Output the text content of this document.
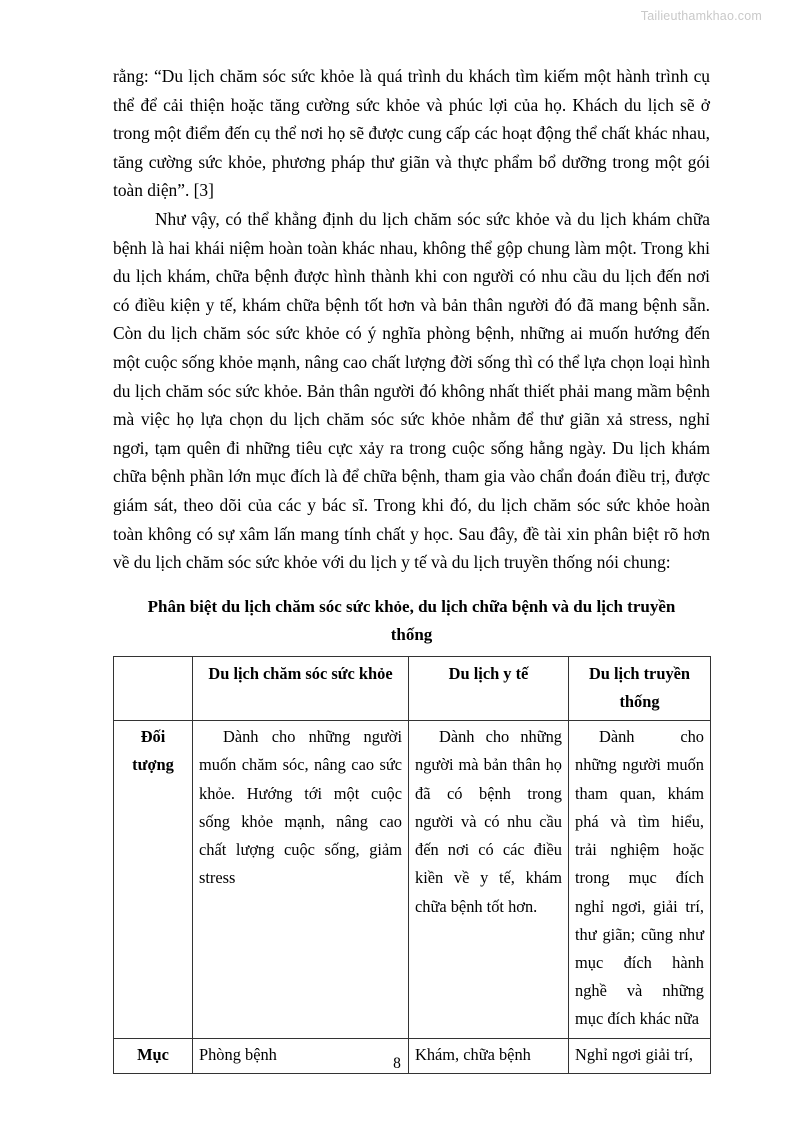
Tailieuthamkhao.com

rằng: “Du lịch chăm sóc sức khỏe là quá trình du khách tìm kiếm một hành trình cụ thể để cải thiện hoặc tăng cường sức khỏe và phúc lợi của họ. Khách du lịch sẽ ở trong một điểm đến cụ thể nơi họ sẽ được cung cấp các hoạt động thể chất khác nhau, tăng cường sức khỏe, phương pháp thư giãn và thực phẩm bổ dưỡng trong một gói toàn diện”. [3]

Như vậy, có thể khẳng định du lịch chăm sóc sức khỏe và du lịch khám chữa bệnh là hai khái niệm hoàn toàn khác nhau, không thể gộp chung làm một. Trong khi du lịch khám, chữa bệnh được hình thành khi con người có nhu cầu du lịch đến nơi có điều kiện y tế, khám chữa bệnh tốt hơn và bản thân người đó đã mang bệnh sẵn. Còn du lịch chăm sóc sức khỏe có ý nghĩa phòng bệnh, những ai muốn hướng đến một cuộc sống khỏe mạnh, nâng cao chất lượng đời sống thì có thể lựa chọn loại hình du lịch chăm sóc sức khỏe. Bản thân người đó không nhất thiết phải mang mầm bệnh mà việc họ lựa chọn du lịch chăm sóc sức khỏe nhằm để thư giãn xả stress, nghỉ ngơi, tạm quên đi những tiêu cực xảy ra trong cuộc sống hằng ngày. Du lịch khám chữa bệnh phần lớn mục đích là để chữa bệnh, tham gia vào chẩn đoán điều trị, được giám sát, theo dõi của các y bác sĩ. Trong khi đó, du lịch chăm sóc sức khỏe hoàn toàn không có sự xâm lấn mang tính chất y học. Sau đây, đề tài xin phân biệt rõ hơn về du lịch chăm sóc sức khỏe với du lịch y tế và du lịch truyền thống nói chung:

Phân biệt du lịch chăm sóc sức khỏe, du lịch chữa bệnh và du lịch truyền thống
	Du lịch chăm sóc sức khỏe	Du lịch y tế	Du lịch truyền thống
Đối tượng	Dành cho những người muốn chăm sóc, nâng cao sức khỏe. Hướng tới một cuộc sống khỏe mạnh, nâng cao chất lượng cuộc sống, giảm stress	Dành cho những người mà bản thân họ đã có bệnh trong người và có nhu cầu đến nơi có các điều kiền về y tế, khám chữa bệnh tốt hơn.	Dành cho những người muốn tham quan, khám phá và tìm hiểu, trải nghiệm hoặc trong mục đích nghỉ ngơi, giải trí, thư giãn; cũng như mục đích hành nghề và những mục đích khác nữa
Mục	Phòng bệnh	Khám, chữa bệnh	Nghỉ ngơi giải trí,
8
